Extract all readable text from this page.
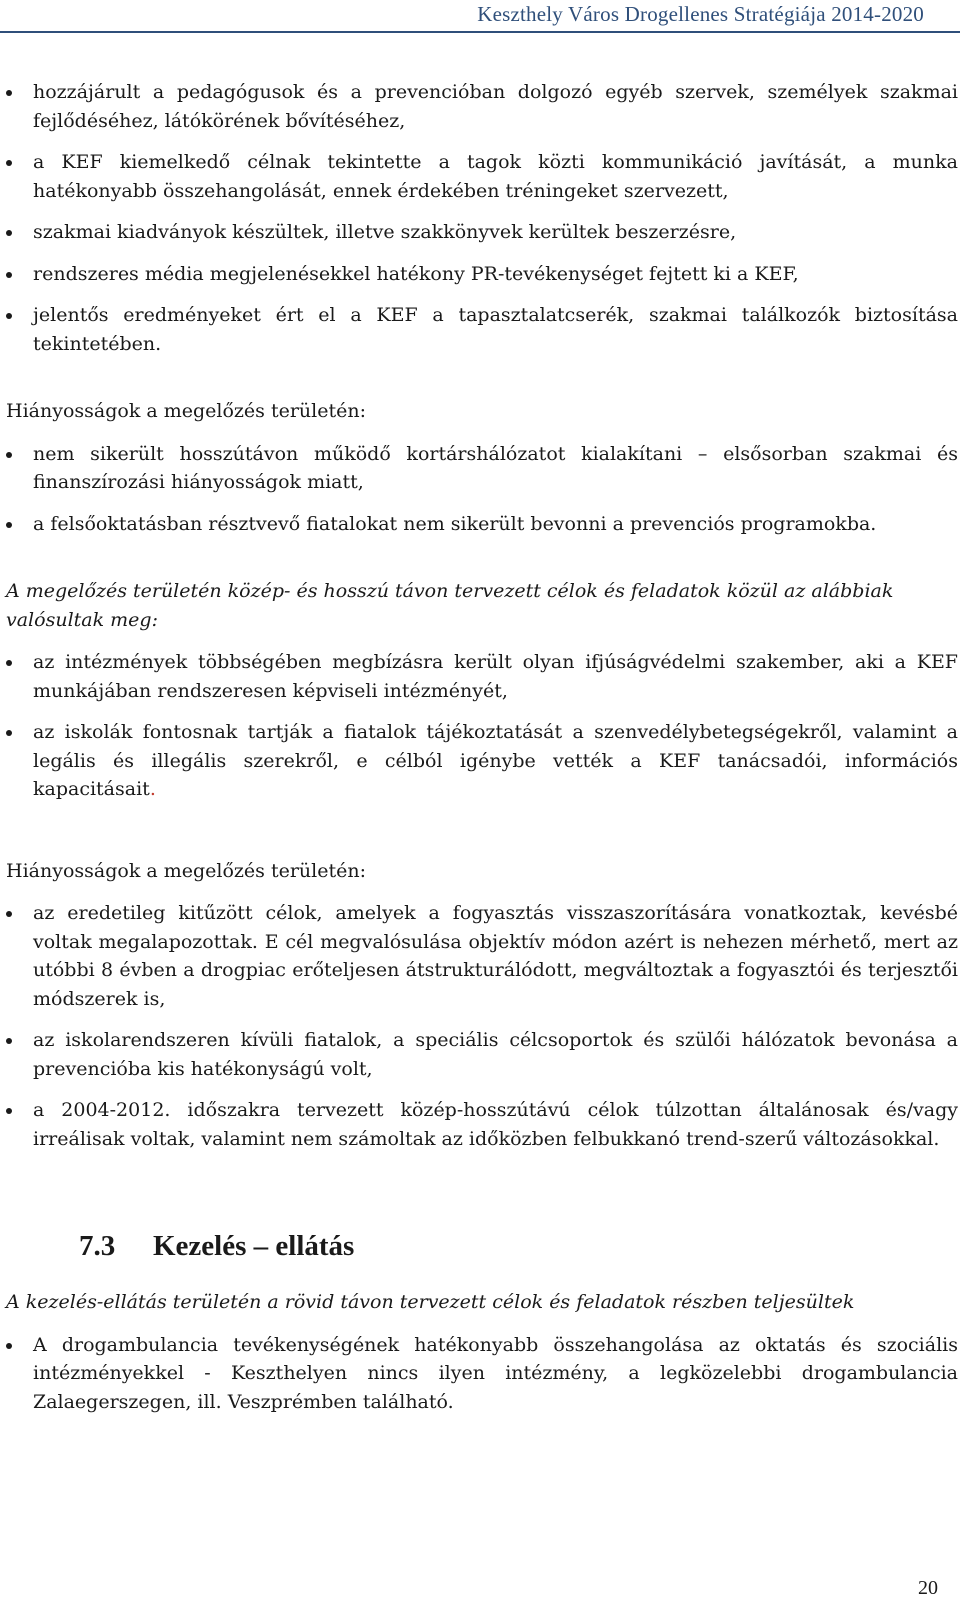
Keszthely Város Drogellenes Stratégiája 2014-2020
hozzájárult a pedagógusok és a prevencióban dolgozó egyéb szervek, személyek szakmai fejlődéséhez, látókörének bővítéséhez,
a KEF kiemelkedő célnak tekintette a tagok közti kommunikáció javítását, a munka hatékonyabb összehangolását, ennek érdekében tréningeket szervezett,
szakmai kiadványok készültek, illetve szakkönyvek kerültek beszerzésre,
rendszeres média megjelenésekkel hatékony PR-tevékenységet fejtett ki a KEF,
jelentős eredményeket ért el a KEF a tapasztalatcserék, szakmai találkozók biztosítása tekintetében.

Hiányosságok a megelőzés területén:

nem sikerült hosszútávon működő kortárshálózatot kialakítani – elsősorban szakmai és finanszírozási hiányosságok miatt,
a felsőoktatásban résztvevő fiatalokat nem sikerült bevonni a prevenciós programokba.

A megelőzés területén közép- és hosszú távon tervezett célok és feladatok közül az alábbiak valósultak meg:

az intézmények többségében megbízásra került olyan ifjúságvédelmi szakember, aki a KEF munkájában rendszeresen képviseli intézményét,
az iskolák fontosnak tartják a fiatalok tájékoztatását a szenvedélybetegségekről, valamint a legális és illegális szerekről, e célból igénybe vették a KEF tanácsadói, információs kapacitásait.

Hiányosságok a megelőzés területén:

az eredetileg kitűzött célok, amelyek a fogyasztás visszaszorítására vonatkoztak, kevésbé voltak megalapozottak. E cél megvalósulása objektív módon azért is nehezen mérhető, mert az utóbbi 8 évben a drogpiac erőteljesen átstrukturálódott, megváltoztak a fogyasztói és terjesztői módszerek is,
az iskolarendszeren kívüli fiatalok, a speciális célcsoportok és szülői hálózatok bevonása a prevencióba kis hatékonyságú volt,
a 2004-2012. időszakra tervezett közép-hosszútávú célok túlzottan általánosak és/vagy irreálisak voltak, valamint nem számoltak az időközben felbukkanó trend-szerű változásokkal.
7.3 Kezelés – ellátás

A kezelés-ellátás területén a rövid távon tervezett célok és feladatok részben teljesültek

A drogambulancia tevékenységének hatékonyabb összehangolása az oktatás és szociális intézményekkel - Keszthelyen nincs ilyen intézmény, a legközelebbi drogambulancia Zalaegerszegen, ill. Veszprémben található.
20
